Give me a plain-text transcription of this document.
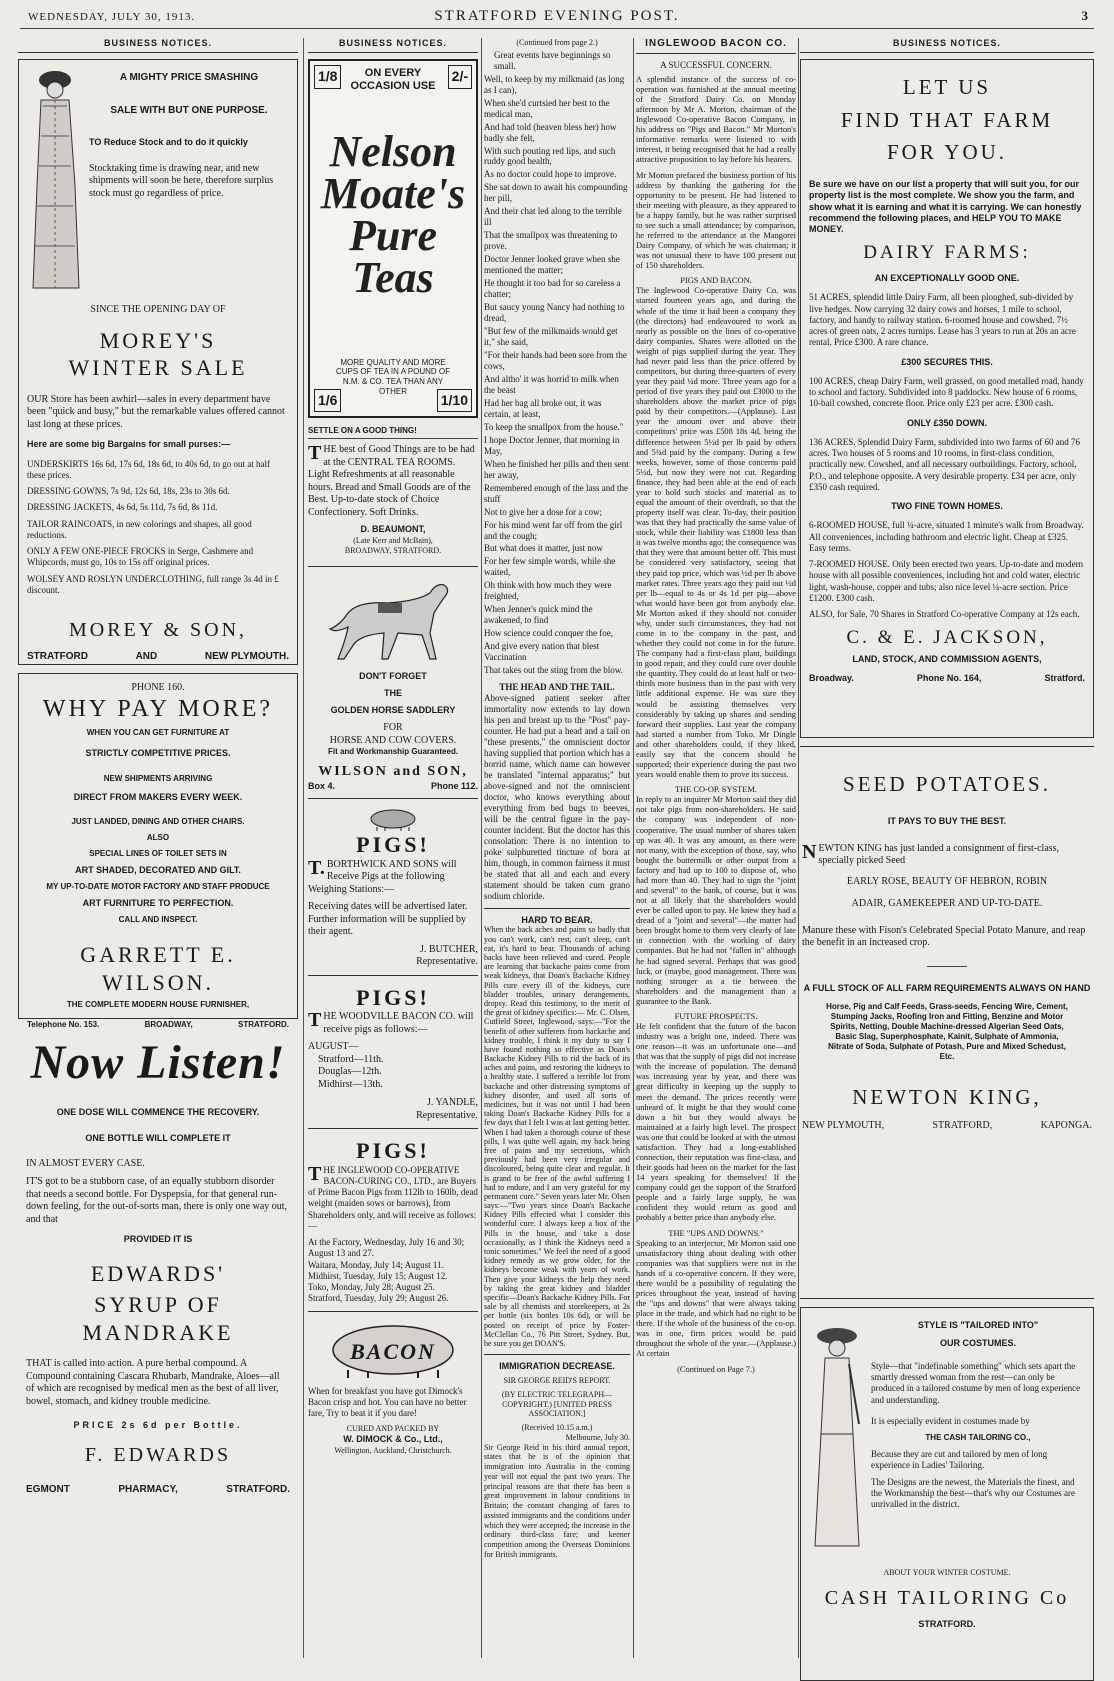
WEDNESDAY, JULY 30, 1913.	STRATFORD EVENING POST.	3
BUSINESS NOTICES.
A MIGHTY PRICE SMASHING
SALE WITH BUT ONE PURPOSE.
TO Reduce Stock and to do it quickly

Stocktaking time is drawing near, and new shipments will soon be here, therefore surplus stock must go regardless of price.

SINCE THE OPENING DAY OF
MOREY'S
WINTER SALE

OUR Store has been awhirl—sales in every department have been "quick and busy," but the remarkable values offered cannot last long at these prices.

Here are some big Bargains for small purses:—

UNDERSKIRTS 16s 6d, 17s 6d, 18s 6d, to 40s 6d, to go out at half these prices.

DRESSING GOWNS, 7s 9d, 12s 6d, 18s, 23s to 30s 6d.

DRESSING JACKETS, 4s 6d, 5s 11d, 7s 6d, 8s 11d.

TAILOR RAINCOATS, in new colorings and shapes, all good reductions.

ONLY A FEW ONE-PIECE FROCKS in Serge, Cashmere and Whipcords, must go, 10s to 15s off original prices.

WOLSEY AND ROSLYN UNDERCLOTHING, full range 3s 4d in £ discount.

MOREY & SON,
STRATFORD	AND	NEW PLYMOUTH.
PHONE 160.
WHY PAY MORE?
WHEN YOU CAN GET FURNITURE AT
STRICTLY COMPETITIVE PRICES.
NEW SHIPMENTS ARRIVING
DIRECT FROM MAKERS EVERY WEEK.
JUST LANDED, DINING AND OTHER CHAIRS.
ALSO
SPECIAL LINES OF TOILET SETS IN
ART SHADED, DECORATED AND GILT.
MY UP-TO-DATE MOTOR FACTORY AND STAFF PRODUCE
ART FURNITURE TO PERFECTION.
CALL AND INSPECT.
GARRETT E. WILSON.
THE COMPLETE MODERN HOUSE FURNISHER,
Telephone No. 153.	BROADWAY,	STRATFORD.
Now Listen!
ONE DOSE WILL COMMENCE THE RECOVERY.
ONE BOTTLE WILL COMPLETE IT
IN ALMOST EVERY CASE.

IT'S got to be a stubborn case, of an equally stubborn disorder that needs a second bottle. For Dyspepsia, for that general run-down feeling, for the out-of-sorts man, there is only one way out, and that

PROVIDED IT IS
EDWARDS'
SYRUP OF MANDRAKE

THAT is called into action. A pure herbal compound. A Compound containing Cascara Rhubarb, Mandrake, Aloes—all of which are recognised by medical men as the best of all liver, bowel, stomach, and kidney trouble medicine.

PRICE 2s 6d per Bottle.
F. EDWARDS
EGMONT	PHARMACY,	STRATFORD.
BUSINESS NOTICES.
1/8	2/-
ON EVERY OCCASION USE
Nelson Moate's Pure Teas
MORE QUALITY AND MORE CUPS OF TEA IN A POUND OF N.M. & CO. TEA THAN ANY OTHER
1/6	1/10
SETTLE ON A GOOD THING!

THE best of Good Things are to be had at the CENTRAL TEA ROOMS. Light Refreshments at all reasonable hours. Bread and Small Goods are of the Best. Up-to-date stock of Choice Confectionery. Soft Drinks.

D. BEAUMONT,
(Late Kerr and McBain),
BROADWAY, STRATFORD.
DON'T FORGET
THE
GOLDEN HORSE SADDLERY
FOR
HORSE AND COW COVERS.
Fit and Workmanship Guaranteed.
WILSON and SON,
Box 4.	Phone 112.
PIGS!

T.BORTHWICK AND SONS will Receive Pigs at the following Weighing Stations:—

Receiving dates will be advertised later. Further information will be supplied by their agent.

J. BUTCHER,
Representative.
PIGS!

THE WOODVILLE BACON CO. will receive pigs as follows:—

AUGUST—
Stratford—11th.
Douglas—12th.
Midhirst—13th.
J. YANDLE,
Representative.
PIGS!

THE INGLEWOOD CO-OPERATIVE BACON-CURING CO., LTD., are Buyers of Prime Bacon Pigs from 112lb to 160lb, dead weight (maiden sows or barrows), from Shareholders only, and will receive as follows:—

At the Factory, Wednesday, July 16 and 30; August 13 and 27.
Waitara, Monday, July 14; August 11.
Midhirst, Tuesday, July 15; August 12.
Toko, Monday, July 28; August 25.
Stratford, Tuesday, July 29; August 26.
BACON

When for breakfast you have got Dimock's Bacon crisp and hot. You can have no better fare, Try to beat it if you dare!

CURED AND PACKED BY
W. DIMOCK & Co., Ltd.,
Wellington, Auckland, Christchurch.
(Continued from page 2.)

Great events have beginnings so small.

Well, to keep by my milkmaid (as long as I can),

When she'd curtsied her best to the medical man,

And had told (heaven bless her) how badly she felt,

With such pouting red lips, and such ruddy good health,

As no doctor could hope to improve.

She sat down to await his compounding her pill,

And their chat led along to the terrible ill

That the smallpox was threatening to prove.

Doctor Jenner looked grave when she mentioned the matter;

He thought it too bad for so careless a chatter;

But saucy young Nancy had nothing to dread,

"But few of the milkmaids would get it," she said,

"For their hands had been sore from the cows,

And altho' it was horrid to milk when the beast

Had her bag all broke out, it was certain, at least,

To keep the smallpox from the house."

I hope Doctor Jenner, that morning in May,

When he finished her pills and then sent her away,

Remembered enough of the lass and the stuff

Not to give her a dose for a cow;

For his mind went far off from the girl and the cough;

But what does it matter, just now

For her few simple words, while she waited,

Oh think with how much they were freighted,

When Jenner's quick mind the awakened, to find

How science could conquer the foe,

And give every nation that blest Vaccination

That takes out the sting from the blow.

THE HEAD AND THE TAIL.

Above-signed patient seeker after immortality now extends to lay down his pen and breast up to the "Post" pay-counter. He had put a head and a tail on "these presents," the omniscient doctor having supplied that portion which has a horrid name, which name can however be translated "internal apparatus;" but above-signed and not the omniscient doctor, who knows everything about everything from bed bugs to beeves, will be the central figure in the pay-counter incident. But the doctor has this consolation: There is no intention to poke sulphuretted tincture of bora at him, though, in common fairness it must be stated that all and each and every statement should be taken cum grano sodium chloride.

HARD TO BEAR.

When the back aches and pains so badly that you can't work, can't rest, can't sleep, can't eat, it's hard to bear. Thousands of aching backs have been relieved and cured. People are learning that backache pains come from weak kidneys, that Doan's Backache Kidney Pills cure every ill of the kidneys, cure bladder troubles, urinary derangements, dropsy. Read this testimony, to the merit of the great of kidney specifics:— Mr. C. Olsen, Cutfield Street, Inglewood, says:—"For the benefit of other sufferers from backache and kidney trouble, I think it my duty to say I have found nothing so effective as Doan's Backache Kidney Pills to rid the back of its aches and pains, and restoring the kidneys to a healthy state. I suffered a terrible lot from backache and other distressing symptoms of kidney disorder, and used all sorts of medicines, but it was not until I had been taking Doan's Backache Kidney Pills for a few days that I felt I was at last getting better. When I had taken a thorough course of these pills, I was quite well again, my back being free of pains and my secretions, which previously had been very irregular and discoloured, being quite clear and regular. It is grand to be free of the awful suffering I had to endure, and I am very grateful for my permanent cure." Seven years later Mr. Olsen says:—"Two years since Doan's Backache Kidney Pills effected what I consider this wonderful cure. I always keep a box of the Pills in the house, and take a dose occasionally, as I think the Kidneys need a tonic sometimes." We feel the need of a good kidney remedy as we grow older, for the kidneys become weak with years of work. Then give your kidneys the help they need by taking the great kidney and bladder specific—Doan's Backache Kidney Pills. For sale by all chemists and storekeepers, at 2s per bottle (six bottles 10s 6d), or will be posted on receipt of price by Foster-McClellan Co., 76 Pitt Street, Sydney. But, be sure you get DOAN'S.

IMMIGRATION DECREASE.
SIR GEORGE REID'S REPORT.
(BY ELECTRIC TELEGRAPH—COPYRIGHT.) [UNITED PRESS ASSOCIATION.]
(Received 10.15 a.m.)
Melbourne, July 30.

Sir George Reid in his third annual report, states that he is of the opinion that immigration into Australia in the coming year will not equal the past two years. The principal reasons are that there has been a great improvement in labour conditions in Britain; the constant changing of fares to assisted immigrants and the conditions under which they were accepted; the increase in the ordinary third-class fare; and keener competition among the Overseas Dominions for British immigrants.

INGLEWOOD BACON CO.
A SUCCESSFUL CONCERN.

A splendid instance of the success of co-operation was furnished at the annual meeting of the Stratford Dairy Co. on Monday afternoon by Mr A. Morton, chairman of the Inglewood Co-operative Bacon Company, in his address on "Pigs and Bacon." Mr Morton's informative remarks were listened to with interest, it being recognised that he had a really attractive proposition to lay before his hearers.

Mr Morton prefaced the business portion of his address by thanking the gathering for the opportunity to be present. He had listened to their meeting with pleasure, as they appeared to be a happy family, but he was rather surprised to see such a small attendance; by comparison, he referred to the attendance at the Mangorei Dairy Company, of which he was chairman; it was not unusual there to have 100 present out of 150 shareholders.

PIGS AND BACON.

The Inglewood Co-operative Dairy Co. was started fourteen years ago, and during the whole of the time it had been a company they (the directors) had endeavoured to work as nearly as possible on the lines of co-operative dairy companies. Shares were allotted on the weight of pigs supplied during the year. They had never paid less than the price offered by competitors, but during three-quarters of every year they paid ¼d more. Three years ago for a period of five years they paid out £3000 to the shareholders above the market price of pigs paid by their competitors.—(Applause). Last year the amount over and above their competitors' price was £508 18s 4d, being the difference between 5½d per lb paid by others and 5¾d paid by the company. During a few weeks, however, some of those concerns paid 5½d, but now they were not cut. Regarding finance, they had been able at the end of each year to hold such stocks and material as to equal the amount of their overdraft, so that the property itself was clear. To-day, their position was that they had practically the same value of stock, while their liability was £1800 less than it was twelve months ago; the consequence was that they were that amount better off. This must be considered very satisfactory, seeing that they paid top price, which was ½d per lb above market rates. Three years ago they paid out ½d per lb—equal to 4s or 4s 1d per pig—above what would have been got from anybody else. Mr Morton asked if they should not consider why, under such circumstances, they had not come in to the company in the past, and whether they could not come in for the future. The company had a first-class plant, buildings in good repair, and they could cure over double the quantity. They could do at least half or two-thirds more business than in the past with very little additional expense. He was sure they would be assisting themselves very considerably by taking up shares and sending forward their supplies. Last year the company had started a number from Toko. Mr Dingle and other shareholders could, if they liked, easily say that the concern should be supported; their experience during the past two years would enable them to prove its success.

THE CO-OP. SYSTEM.

In reply to an inquirer Mr Morton said they did not take pigs from non-shareholders. He said the company was independent of non-cooperative. The usual number of shares taken up was 40. It was any amount, as there were not many, with the exception of those, say, who bought the buttermilk or other output from a factory and had up to 100 to dispose of, who had more than 40. They had to sign the "joint and several" to the bank, of course, but it was not at all likely that the shareholders would ever be called upon to pay. He knew they had a dread of a "joint and several"—the matter had been brought home to them very clearly of late in connection with the working of dairy companies. But he had not "fallen in" although he had signed several. Perhaps that was good luck, or (maybe, good management. There was nothing stronger as a tie between the shareholders and the management than a guarantee to the Bank.

FUTURE PROSPECTS.

He felt confident that the future of the bacon industry was a bright one, indeed. There was one reason—it was an unfortunate one—and that was that the supply of pigs did not increase with the increase of population. The demand was increasing year by year, and there was great difficulty in keeping up the supply to meet the demand. The prices recently were unheard of. It might be that they would come down a bit but they would always be maintained at a fairly high level. The prospect was one that could be looked at with the utmost satisfaction. They had a long-established connection, their reputation was first-class, and their goods had been on the market for the last 14 years speaking for themselves! If the company could get the support of the Stratford people and a fairly large supply, he was confident they would return as good and probably a better price than anybody else.

THE "UPS AND DOWNS."

Speaking to an interjector, Mr Morton said one unsatisfactory thing about dealing with other companies was that suppliers were not in the hands of a co-operative concern. If they were, there would be a possibility of regulating the prices throughout the year, instead of having the "ups and downs" that were always taking place in the trade, and which had no right to be there. If the whole of the business of the co-op. was in one, firm prices would be paid throughout the whole of the year.—(Applause.) At certain

(Continued on Page 7.)
BUSINESS NOTICES.
LET US
FIND THAT FARM
FOR YOU.

Be sure we have on our list a property that will suit you, for our property list is the most complete. We show you the farm, and show what it is earning and what it is carrying. We can honestly recommend the following places, and HELP YOU TO MAKE MONEY.

DAIRY FARMS:
AN EXCEPTIONALLY GOOD ONE.

51 ACRES, splendid little Dairy Farm, all been ploughed, sub-divided by live hedges. Now carrying 32 dairy cows and horses, 1 mile to school, factory, and handy to railway station. 6-roomed house and cowshed. 7½ acres of green oats, 2 acres turnips. Lease has 3 years to run at 20s an acre rental. Price £300. A rare chance.

£300 SECURES THIS.

100 ACRES, cheap Dairy Farm, well grassed, on good metalled road, handy to school and factory. Subdivided into 8 paddocks. New house of 6 rooms, 10-bail cowshed, concrete floor. Price only £23 per acre. £300 cash.

ONLY £350 DOWN.

136 ACRES. Splendid Dairy Farm, subdivided into two farms of 60 and 76 acres. Two houses of 5 rooms and 10 rooms, in first-class condition, practically new. Cowshed, and all necessary outbuildings. Factory, school, P.O., and telephone opposite. A very desirable property. £34 per acre, only £350 cash required.

TWO FINE TOWN HOMES.

6-ROOMED HOUSE, full ¼-acre, situated 1 minute's walk from Broadway. All conveniences, including bathroom and electric light. Cheap at £325. Easy terms.

7-ROOMED HOUSE. Only been erected two years. Up-to-date and modern house with all possible conveniences, including hot and cold water, electric light, wash-house, copper and tubs; also nice level ¼-acre section. Price £1200. £300 cash.

ALSO, for Sale, 70 Shares in Stratford Co-operative Company at 12s each.

C. & E. JACKSON,
LAND, STOCK, AND COMMISSION AGENTS,
Broadway.	Phone No. 164,	Stratford.
SEED POTATOES.
IT PAYS TO BUY THE BEST.

NEWTON KING has just landed a consignment of first-class, specially picked Seed

EARLY ROSE, BEAUTY OF HEBRON, ROBIN
ADAIR, GAMEKEEPER AND UP-TO-DATE.

Manure these with Fison's Celebrated Special Potato Manure, and reap the benefit in an increased crop.

A FULL STOCK OF ALL FARM REQUIREMENTS ALWAYS ON HAND

Horse, Pig and Calf Feeds, Grass-seeds, Fencing Wire, Cement, Stumping Jacks, Roofing Iron and Fitting, Benzine and Motor Spirits, Netting, Double Machine-dressed Algerian Seed Oats, Basic Slag, Superphosphate, Kainit, Sulphate of Ammonia, Nitrate of Soda, Sulphate of Potash, Pure and Mixed Schedust, Etc.

NEWTON KING,
NEW PLYMOUTH,	STRATFORD,	KAPONGA.
STYLE IS "TAILORED INTO"
OUR COSTUMES.

Style—that "indefinable something" which sets apart the smartly dressed woman from the rest—can only be produced in a tailored costume by men of long experience and understanding.

It is especially evident in costumes made by

THE CASH TAILORING CO.,

Because they are cut and tailored by men of long experience in Ladies' Tailoring.

The Designs are the newest, the Materials the finest, and the Workmanship the best—that's why our Costumes are unrivalled in the district.

ABOUT YOUR WINTER COSTUME.
CASH TAILORING Co
STRATFORD.
